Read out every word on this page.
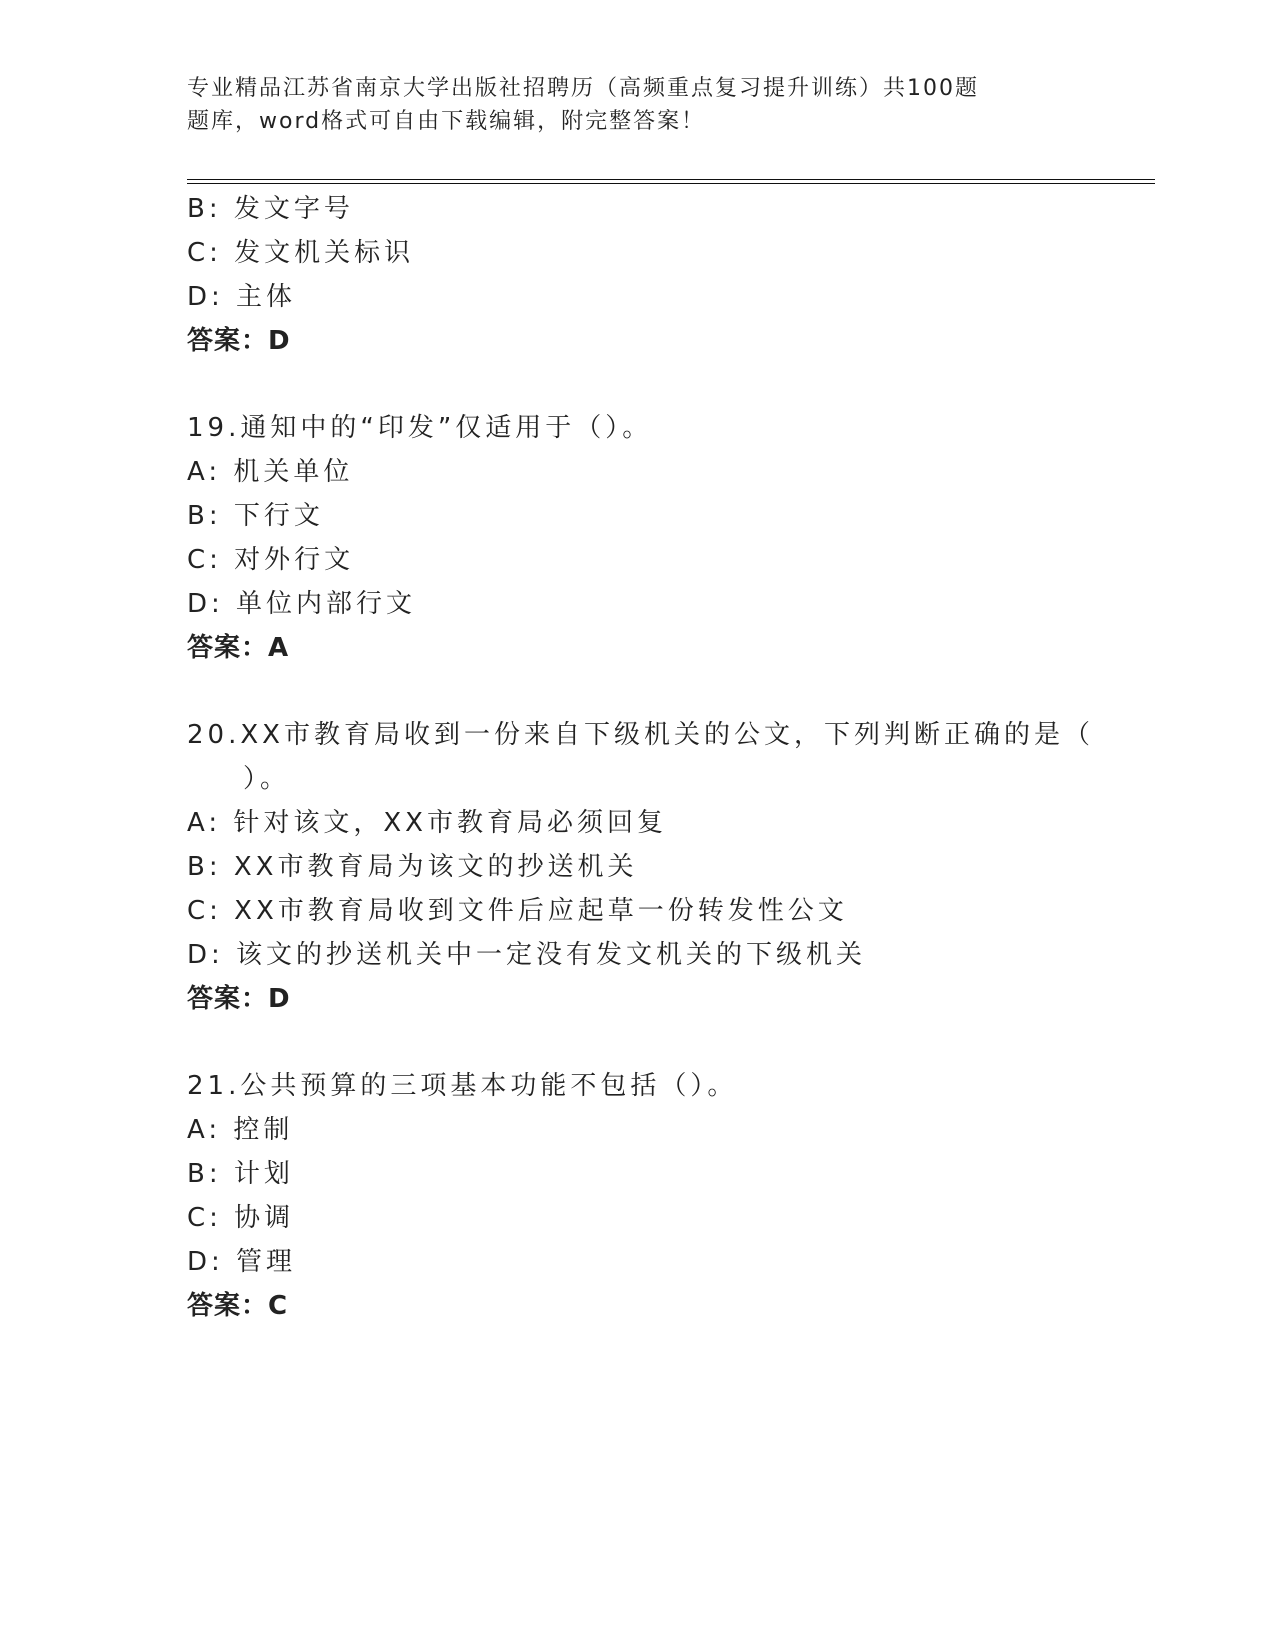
专业精品江苏省南京大学出版社招聘历（高频重点复习提升训练）共100题
题库，word格式可自由下载编辑，附完整答案！
B: 发文字号
C: 发文机关标识
D: 主体
答案：D
19.通知中的“印发”仅适用于（）。
A: 机关单位
B: 下行文
C: 对外行文
D: 单位内部行文
答案：A
20.XX市教育局收到一份来自下级机关的公文，下列判断正确的是（
）。
A: 针对该文，XX市教育局必须回复
B: XX市教育局为该文的抄送机关
C: XX市教育局收到文件后应起草一份转发性公文
D: 该文的抄送机关中一定没有发文机关的下级机关
答案：D
21.公共预算的三项基本功能不包括（）。
A: 控制
B: 计划
C: 协调
D: 管理
答案：C
